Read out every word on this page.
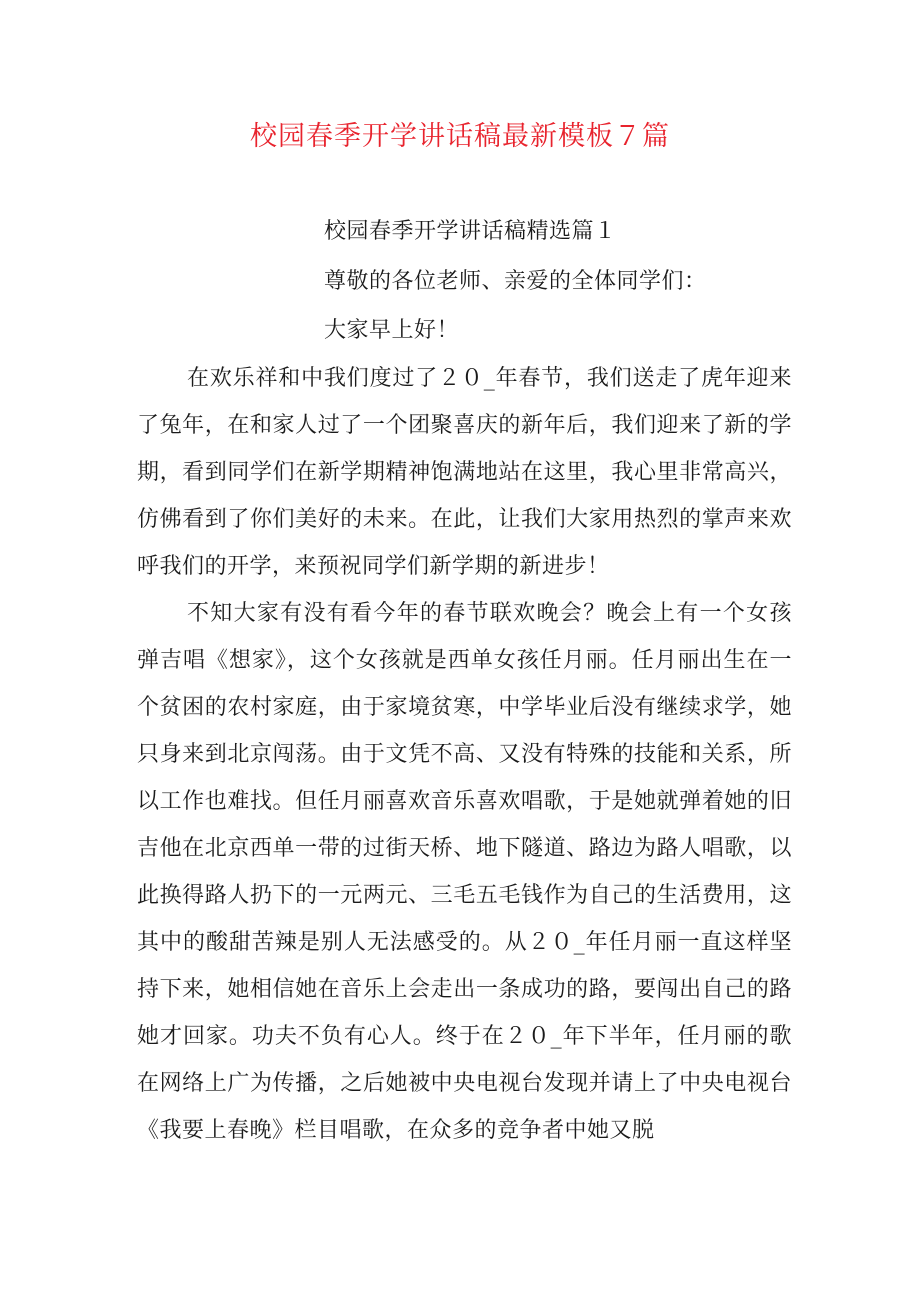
校园春季开学讲话稿最新模板７篇

校园春季开学讲话稿精选篇１

尊敬的各位老师、亲爱的全体同学们：

大家早上好！

在欢乐祥和中我们度过了２０_年春节，我们送走了虎年迎来了兔年，在和家人过了一个团聚喜庆的新年后，我们迎来了新的学期，看到同学们在新学期精神饱满地站在这里，我心里非常高兴，仿佛看到了你们美好的未来。在此，让我们大家用热烈的掌声来欢呼我们的开学，来预祝同学们新学期的新进步！

不知大家有没有看今年的春节联欢晚会？晚会上有一个女孩弹吉唱《想家》，这个女孩就是西单女孩任月丽。任月丽出生在一个贫困的农村家庭，由于家境贫寒，中学毕业后没有继续求学，她只身来到北京闯荡。由于文凭不高、又没有特殊的技能和关系，所以工作也难找。但任月丽喜欢音乐喜欢唱歌，于是她就弹着她的旧吉他在北京西单一带的过街天桥、地下隧道、路边为路人唱歌，以此换得路人扔下的一元两元、三毛五毛钱作为自己的生活费用，这其中的酸甜苦辣是别人无法感受的。从２０_年任月丽一直这样坚持下来，她相信她在音乐上会走出一条成功的路，要闯出自己的路她才回家。功夫不负有心人。终于在２０_年下半年，任月丽的歌在网络上广为传播，之后她被中央电视台发现并请上了中央电视台《我要上春晚》栏目唱歌，在众多的竞争者中她又脱
